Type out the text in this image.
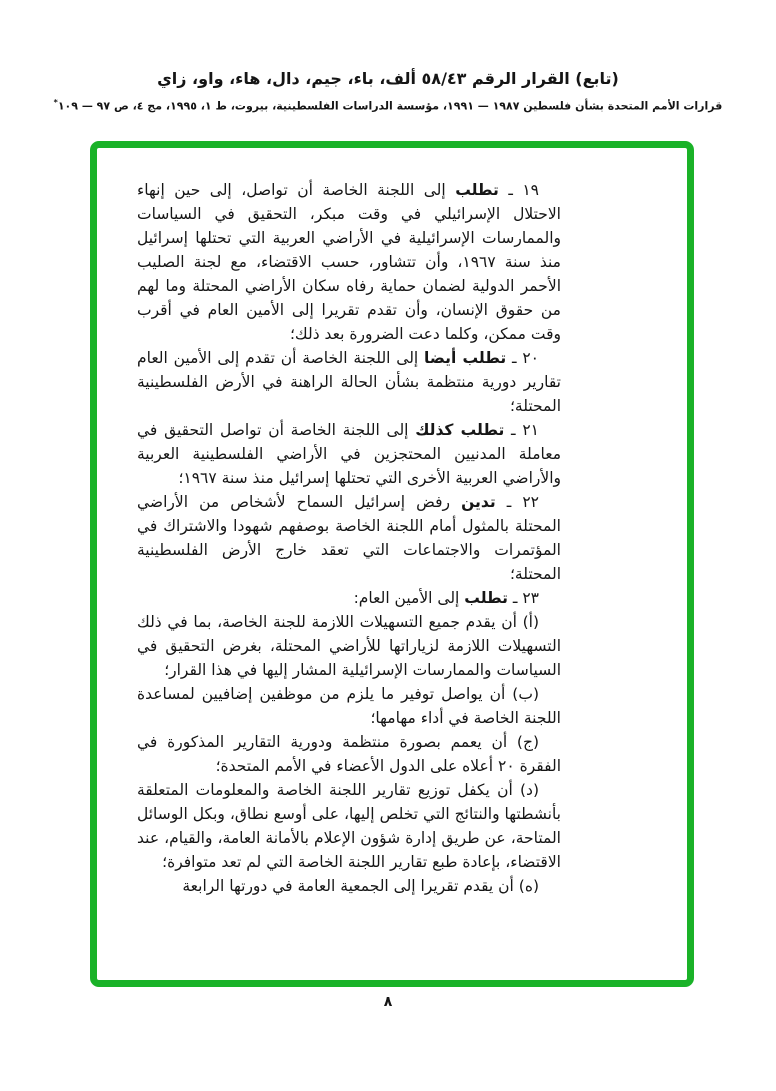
(تابع) القرار الرقم ٥٨/٤٣ ألف، باء، جيم، دال، هاء، واو، زاي
قرارات الأمم المتحدة بشأن فلسطين ١٩٨٧ — ١٩٩١، مؤسسة الدراسات الفلسطينية، بيروت، ط ١، ١٩٩٥، مج ٤، ص ٩٧ — ١٠٩*

١٩ ـ تطلب إلى اللجنة الخاصة أن تواصل، إلى حين إنهاء الاحتلال الإسرائيلي في وقت مبكر، التحقيق في السياسات والممارسات الإسرائيلية في الأراضي العربية التي تحتلها إسرائيل منذ سنة ١٩٦٧، وأن تتشاور، حسب الاقتضاء، مع لجنة الصليب الأحمر الدولية لضمان حماية رفاه سكان الأراضي المحتلة وما لهم من حقوق الإنسان، وأن تقدم تقريرا إلى الأمين العام في أقرب وقت ممكن، وكلما دعت الضرورة بعد ذلك؛

٢٠ ـ تطلب أيضا إلى اللجنة الخاصة أن تقدم إلى الأمين العام تقارير دورية منتظمة بشأن الحالة الراهنة في الأرض الفلسطينية المحتلة؛

٢١ ـ تطلب كذلك إلى اللجنة الخاصة أن تواصل التحقيق في معاملة المدنيين المحتجزين في الأراضي الفلسطينية العربية والأراضي العربية الأخرى التي تحتلها إسرائيل منذ سنة ١٩٦٧؛

٢٢ ـ تدين رفض إسرائيل السماح لأشخاص من الأراضي المحتلة بالمثول أمام اللجنة الخاصة بوصفهم شهودا والاشتراك في المؤتمرات والاجتماعات التي تعقد خارج الأرض الفلسطينية المحتلة؛

٢٣ ـ تطلب إلى الأمين العام:

(أ) أن يقدم جميع التسهيلات اللازمة للجنة الخاصة، بما في ذلك التسهيلات اللازمة لزياراتها للأراضي المحتلة، بغرض التحقيق في السياسات والممارسات الإسرائيلية المشار إليها في هذا القرار؛

(ب) أن يواصل توفير ما يلزم من موظفين إضافيين لمساعدة اللجنة الخاصة في أداء مهامها؛

(ج) أن يعمم بصورة منتظمة ودورية التقارير المذكورة في الفقرة ٢٠ أعلاه على الدول الأعضاء في الأمم المتحدة؛

(د) أن يكفل توزيع تقارير اللجنة الخاصة والمعلومات المتعلقة بأنشطتها والنتائج التي تخلص إليها، على أوسع نطاق، وبكل الوسائل المتاحة، عن طريق إدارة شؤون الإعلام بالأمانة العامة، والقيام، عند الاقتضاء، بإعادة طبع تقارير اللجنة الخاصة التي لم تعد متوافرة؛

(ه) أن يقدم تقريرا إلى الجمعية العامة في دورتها الرابعة

٨
